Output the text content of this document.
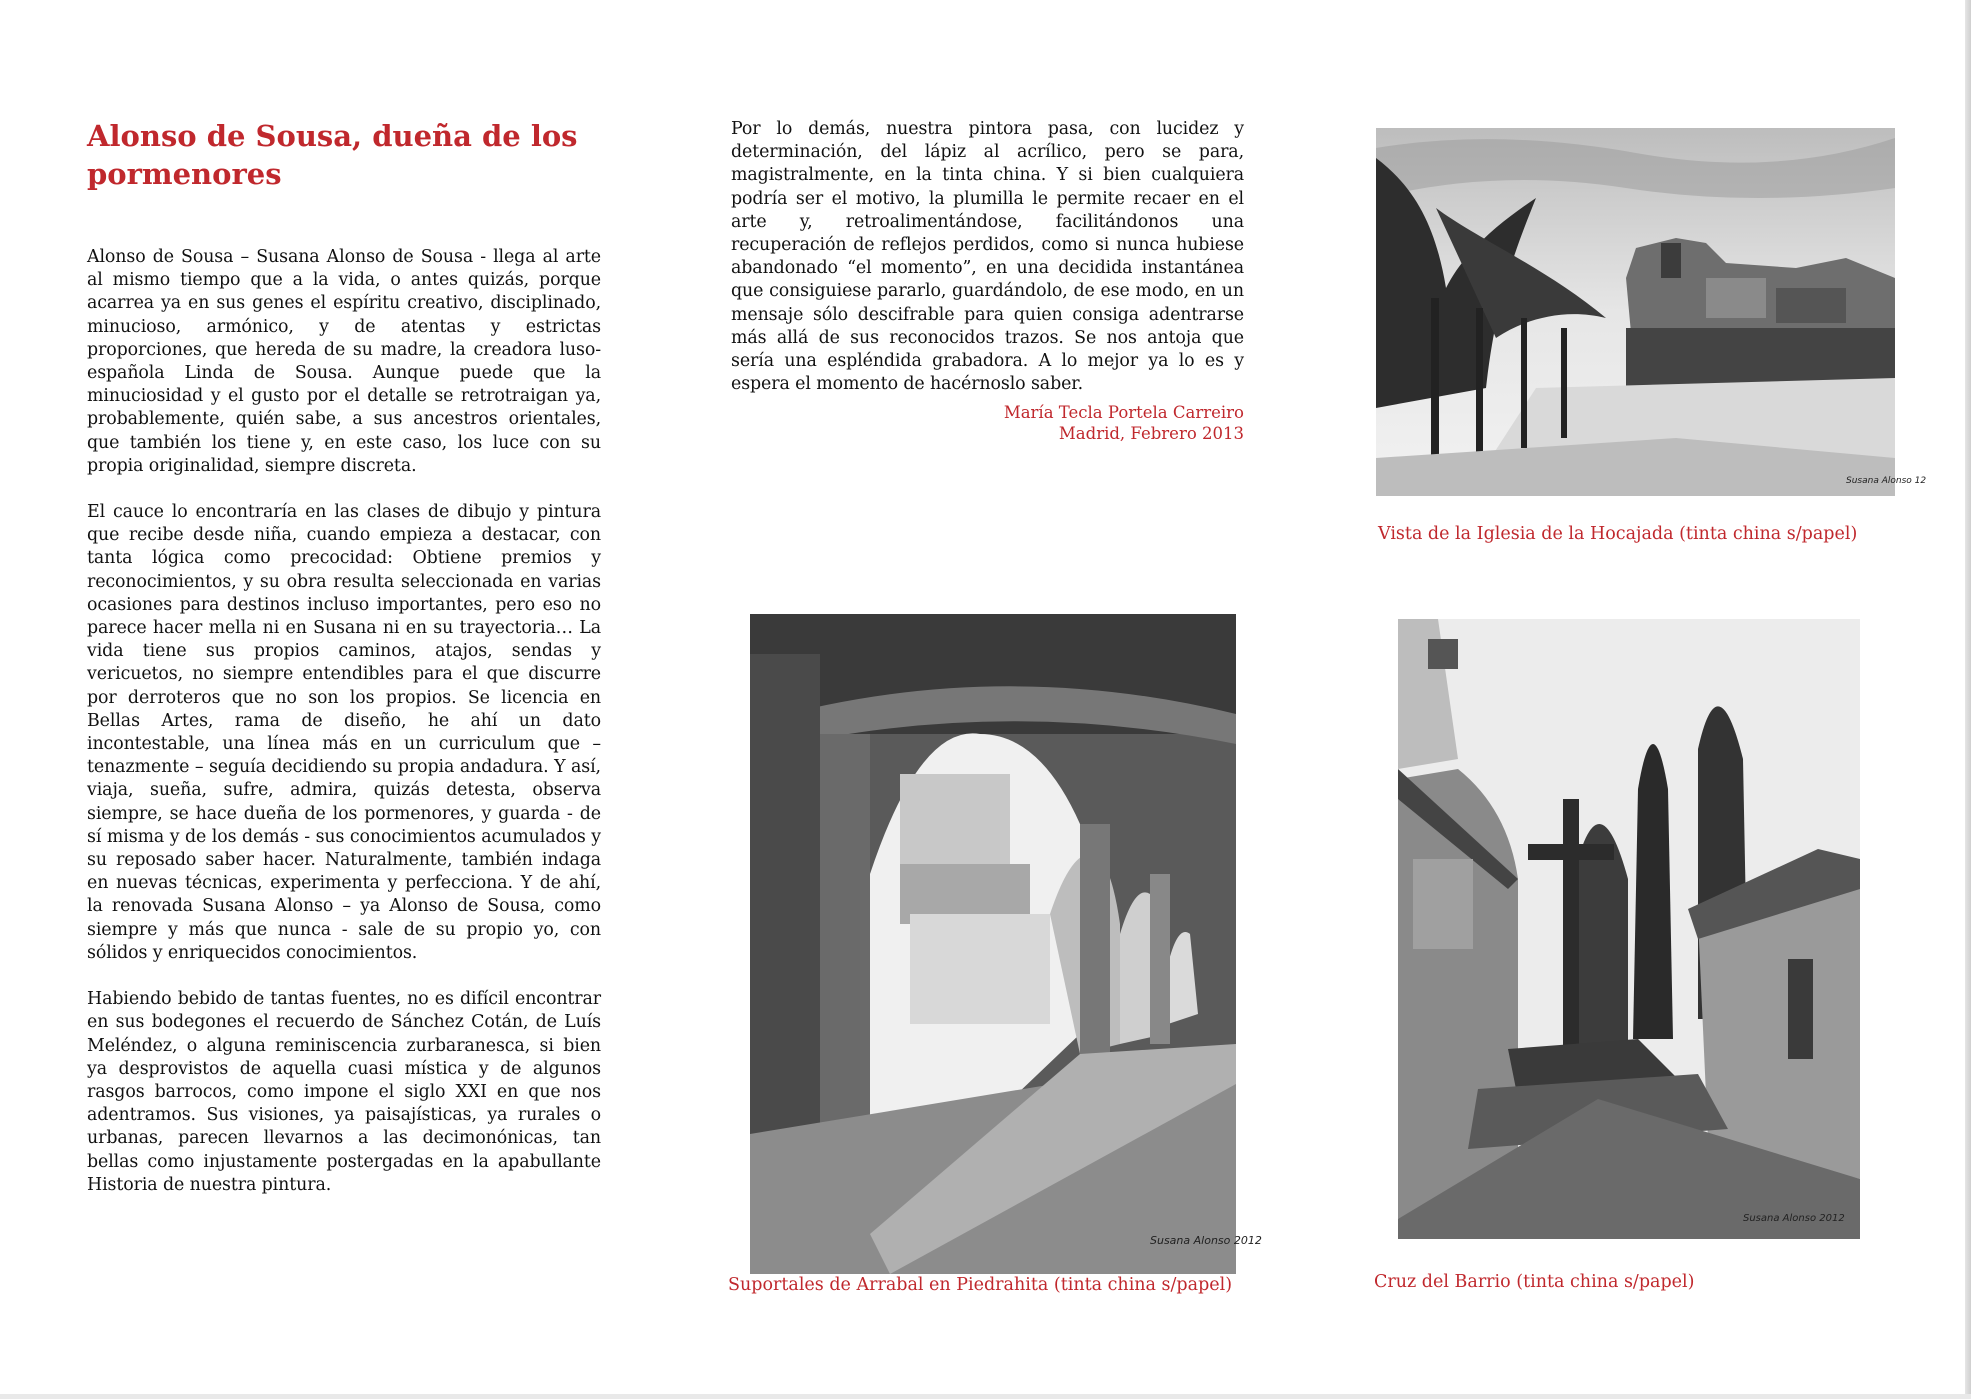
Alonso de Sousa, dueña de los pormenores

Alonso de Sousa – Susana Alonso de Sousa - llega al arte al mismo tiempo que a la vida, o antes quizás, porque acarrea ya en sus genes el espíritu creativo, disciplinado, minucioso, armónico, y de atentas y estrictas proporciones, que hereda de su madre, la creadora luso-española Linda de Sousa. Aunque puede que la minuciosidad y el gusto por el detalle se retrotraigan ya, probablemente, quién sabe, a sus ancestros orientales, que también los tiene y, en este caso, los luce con su propia originalidad, siempre discreta.

El cauce lo encontraría en las clases de dibujo y pintura que recibe desde niña, cuando empieza a destacar, con tanta lógica como precocidad: Obtiene premios y reconocimientos, y su obra resulta seleccionada en varias ocasiones para destinos incluso importantes, pero eso no parece hacer mella ni en Susana ni en su trayectoria… La vida tiene sus propios caminos, atajos, sendas y vericuetos, no siempre entendibles para el que discurre por derroteros que no son los propios. Se licencia en Bellas Artes, rama de diseño, he ahí un dato incontestable, una línea más en un curriculum que – tenazmente – seguía decidiendo su propia andadura. Y así, viaja, sueña, sufre, admira, quizás detesta, observa siempre, se hace dueña de los pormenores, y guarda - de sí misma y de los demás - sus conocimientos acumulados y su reposado saber hacer. Naturalmente, también indaga en nuevas técnicas, experimenta y perfecciona. Y de ahí, la renovada Susana Alonso – ya Alonso de Sousa, como siempre y más que nunca - sale de su propio yo, con sólidos y enriquecidos conocimientos.

Habiendo bebido de tantas fuentes, no es difícil encontrar en sus bodegones el recuerdo de Sánchez Cotán, de Luís Meléndez, o alguna reminiscencia zurbaranesca, si bien ya desprovistos de aquella cuasi mística y de algunos rasgos barrocos, como impone el siglo XXI en que nos adentramos. Sus visiones, ya paisajísticas, ya rurales o urbanas, parecen llevarnos a las decimonónicas, tan bellas como injustamente postergadas en la apabullante Historia de nuestra pintura.

Por lo demás, nuestra pintora pasa, con lucidez y determinación, del lápiz al acrílico, pero se para, magistralmente, en la tinta china. Y si bien cualquiera podría ser el motivo, la plumilla le permite recaer en el arte y, retroalimentándose, facilitándonos una recuperación de reflejos perdidos, como si nunca hubiese abandonado “el momento”, en una decidida instantánea que consiguiese pararlo, guardándolo, de ese modo, en un mensaje sólo descifrable para quien consiga adentrarse más allá de sus reconocidos trazos. Se nos antoja que sería una espléndida grabadora. A lo mejor ya lo es y espera el momento de hacérnoslo saber.

María Tecla Portela Carreiro
Madrid, Febrero 2013
Susana Alonso 12
Vista de la Iglesia de la Hocajada (tinta china s/papel)
Susana Alonso 2012
Suportales de Arrabal en Piedrahita (tinta china s/papel)
Susana Alonso 2012
Cruz del Barrio (tinta china s/papel)
